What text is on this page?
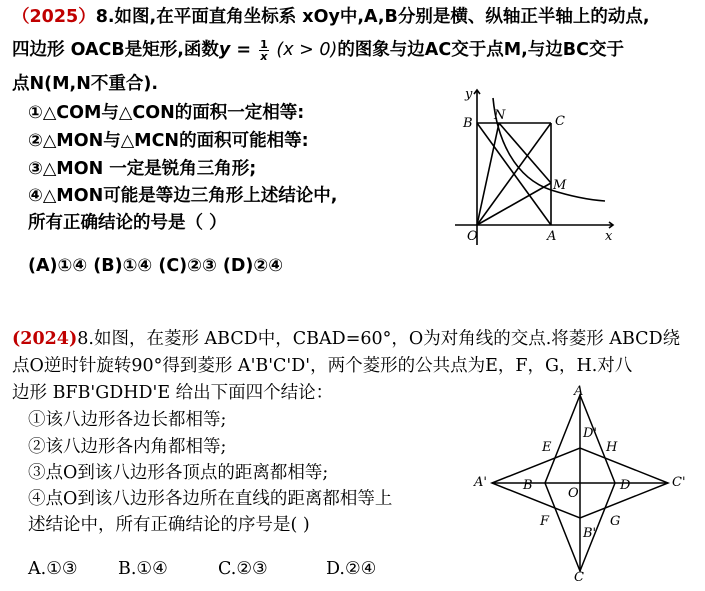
（2025）8.如图,在平面直角坐标系 xOy中,A,B分别是横、纵轴正半轴上的动点,
四边形 OACB是矩形,函数$y = \frac{1}{x} (x > 0)$的图象与边AC交于点M,与边BC交于
点N(M,N不重合).
①△COM与△CON的面积一定相等:
②△MON与△MCN的面积可能相等:
③△MON 一定是锐角三角形;
④△MON可能是等边三角形上述结论中,
所有正确结论的号是（ ）
(A)①④ (B)①④ (C)②③ (D)②④
y
x
O	A
B	C
N
M
(2024)8.如图，在菱形 ABCD中，CBAD=60°，O为对角线的交点.将菱形 ABCD绕
点O逆时针旋转90°得到菱形 A'B'C'D'，两个菱形的公共点为E，F，G，H.对八
边形 BFB'GDHD'E 给出下面四个结论：
①该八边形各边长都相等;
②该八边形各内角都相等;
③点O到该八边形各顶点的距离都相等;
④点O到该八边形各边所在直线的距离都相等上
述结论中，所有正确结论的序号是( )
A.①③ B.①④	C.②③	D.②④
A
C
B	D
O
A'	C'
D'
B'
E	H
F	G
